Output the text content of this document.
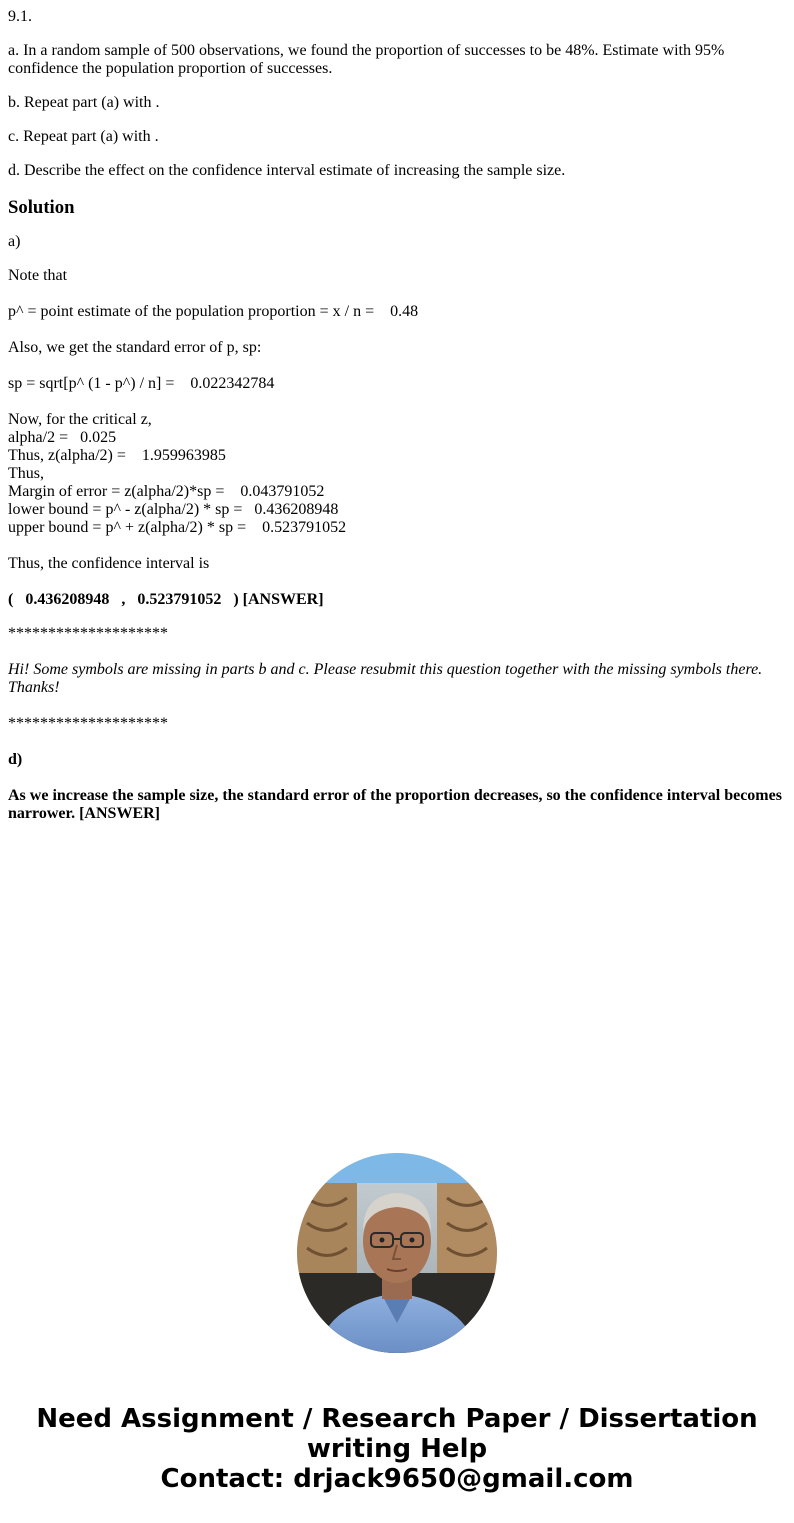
9.1.

a. In a random sample of 500 observations, we found the proportion of successes to be 48%. Estimate with 95% confidence the population proportion of successes.

b. Repeat part (a) with .

c. Repeat part (a) with .

d. Describe the effect on the confidence interval estimate of increasing the sample size.

Solution

a)

Note that

p^ = point estimate of the population proportion = x / n =    0.48

Also, we get the standard error of p, sp:

sp = sqrt[p^ (1 - p^) / n] =    0.022342784

Now, for the critical z,
alpha/2 =   0.025
Thus, z(alpha/2) =    1.959963985
Thus,
Margin of error = z(alpha/2)*sp =    0.043791052
lower bound = p^ - z(alpha/2) * sp =   0.436208948
upper bound = p^ + z(alpha/2) * sp =    0.523791052

Thus, the confidence interval is

(   0.436208948   ,   0.523791052   ) [ANSWER]

********************

Hi! Some symbols are missing in parts b and c. Please resubmit this question together with the missing symbols there. Thanks!

********************

d)

As we increase the sample size, the standard error of the proportion decreases, so the confidence interval becomes narrower. [ANSWER]

Need Assignment / Research Paper / Dissertation
writing Help
Contact: drjack9650@gmail.com
